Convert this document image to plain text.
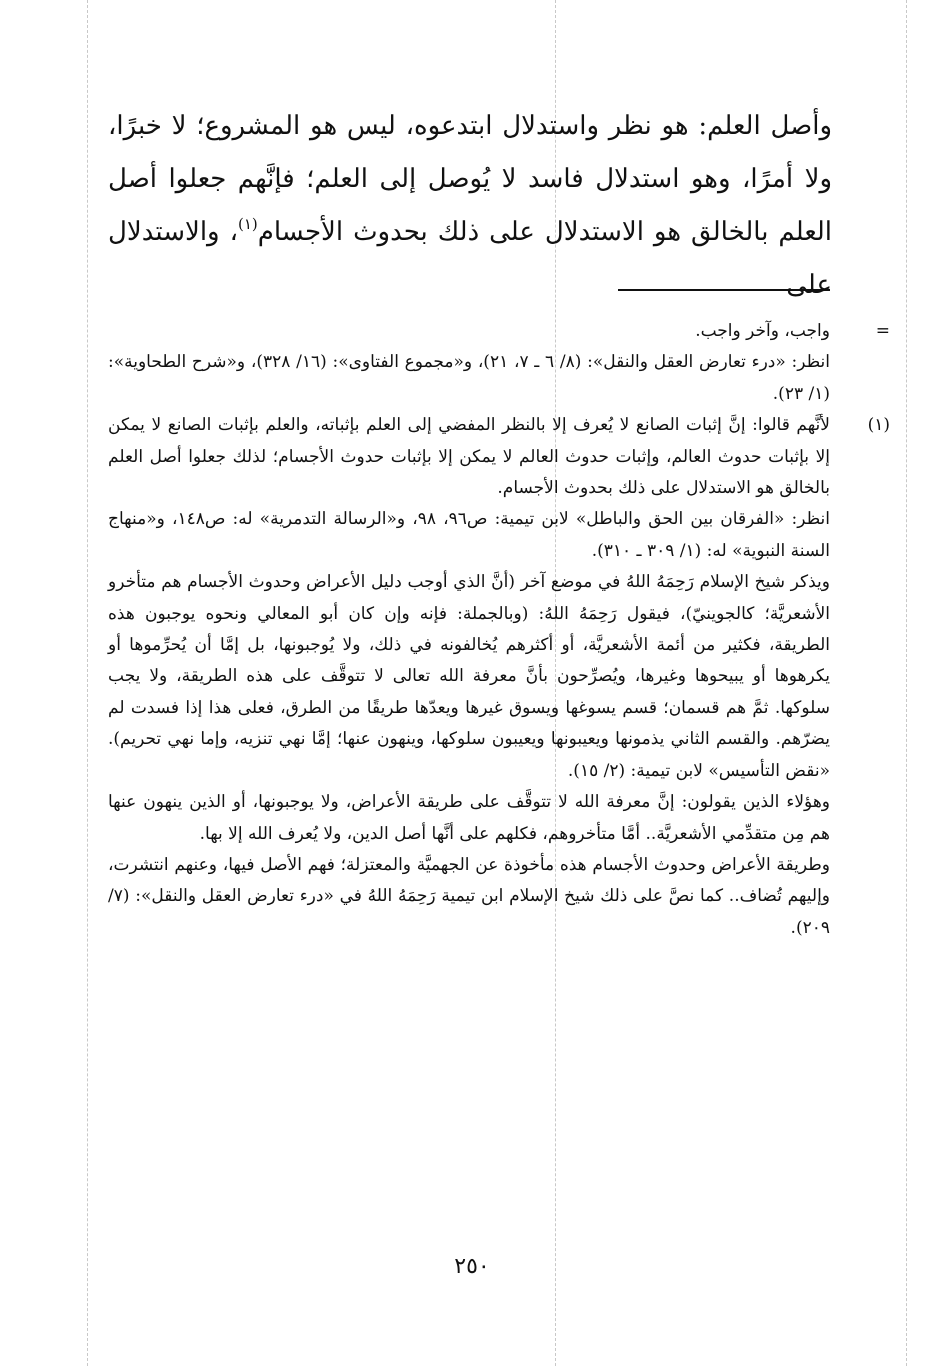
وأصل العلم: هو نظر واستدلال ابتدعوه، ليس هو المشروع؛ لا خبرًا، ولا أمرًا، وهو استدلال فاسد لا يُوصل إلى العلم؛ فإنَّهم جعلوا أصل العلم بالخالق هو الاستدلال على ذلك بحدوث الأجسام$^{(١)}$، والاستدلال على
=

واجب، وآخر واجب.

انظر: «درء تعارض العقل والنقل»: (٨/ ٦ ـ ٧، ٢١)، و«مجموع الفتاوى»: (١٦/ ٣٢٨)، و«شرح الطحاوية»: (١/ ٢٣).

(١)

لأنَّهم قالوا: إنَّ إثبات الصانع لا يُعرف إلا بالنظر المفضي إلى العلم بإثباته، والعلم بإثبات الصانع لا يمكن إلا بإثبات حدوث العالم، وإثبات حدوث العالم لا يمكن إلا بإثبات حدوث الأجسام؛ لذلك جعلوا أصل العلم بالخالق هو الاستدلال على ذلك بحدوث الأجسام.

انظر: «الفرقان بين الحق والباطل» لابن تيمية: ص٩٦، ٩٨، و«الرسالة التدمرية» له: ص١٤٨، و«منهاج السنة النبوية» له: (١/ ٣٠٩ ـ ٣١٠).

ويذكر شيخ الإسلام رَحِمَهُ اللهُ في موضع آخر (أنَّ الذي أوجب دليل الأعراض وحدوث الأجسام هم متأخرو الأشعريَّة؛ كالجوينيّ)، فيقول رَحِمَهُ اللهُ: (وبالجملة: فإنه وإن كان أبو المعالي ونحوه يوجبون هذه الطريقة، فكثير من أئمة الأشعريَّة، أو أكثرهم يُخالفونه في ذلك، ولا يُوجبونها، بل إمَّا أن يُحرِّموها أو يكرهوها أو يبيحوها وغيرها، ويُصرِّحون بأنَّ معرفة الله تعالى لا تتوقَّف على هذه الطريقة، ولا يجب سلوكها. ثمَّ هم قسمان؛ قسم يسوغها ويسوق غيرها ويعدّها طريقًا من الطرق، فعلى هذا إذا فسدت لم يضرّهم. والقسم الثاني يذمونها ويعيبونها ويعيبون سلوكها، وينهون عنها؛ إمَّا نهي تنزيه، وإما نهي تحريم). «نقض التأسيس» لابن تيمية: (٢/ ١٥).

وهؤلاء الذين يقولون: إنَّ معرفة الله لا تتوقَّف على طريقة الأعراض، ولا يوجبونها، أو الذين ينهون عنها هم مِن متقدِّمي الأشعريَّة.. أمَّا متأخروهم، فكلهم على أنَّها أصل الدين، ولا يُعرف الله إلا بها.

وطريقة الأعراض وحدوث الأجسام هذه مأخوذة عن الجهميَّة والمعتزلة؛ فهم الأصل فيها، وعنهم انتشرت، وإليهم تُضاف.. كما نصَّ على ذلك شيخ الإسلام ابن تيمية رَحِمَهُ اللهُ في «درء تعارض العقل والنقل»: (٧/ ٢٠٩).

٢٥٠
